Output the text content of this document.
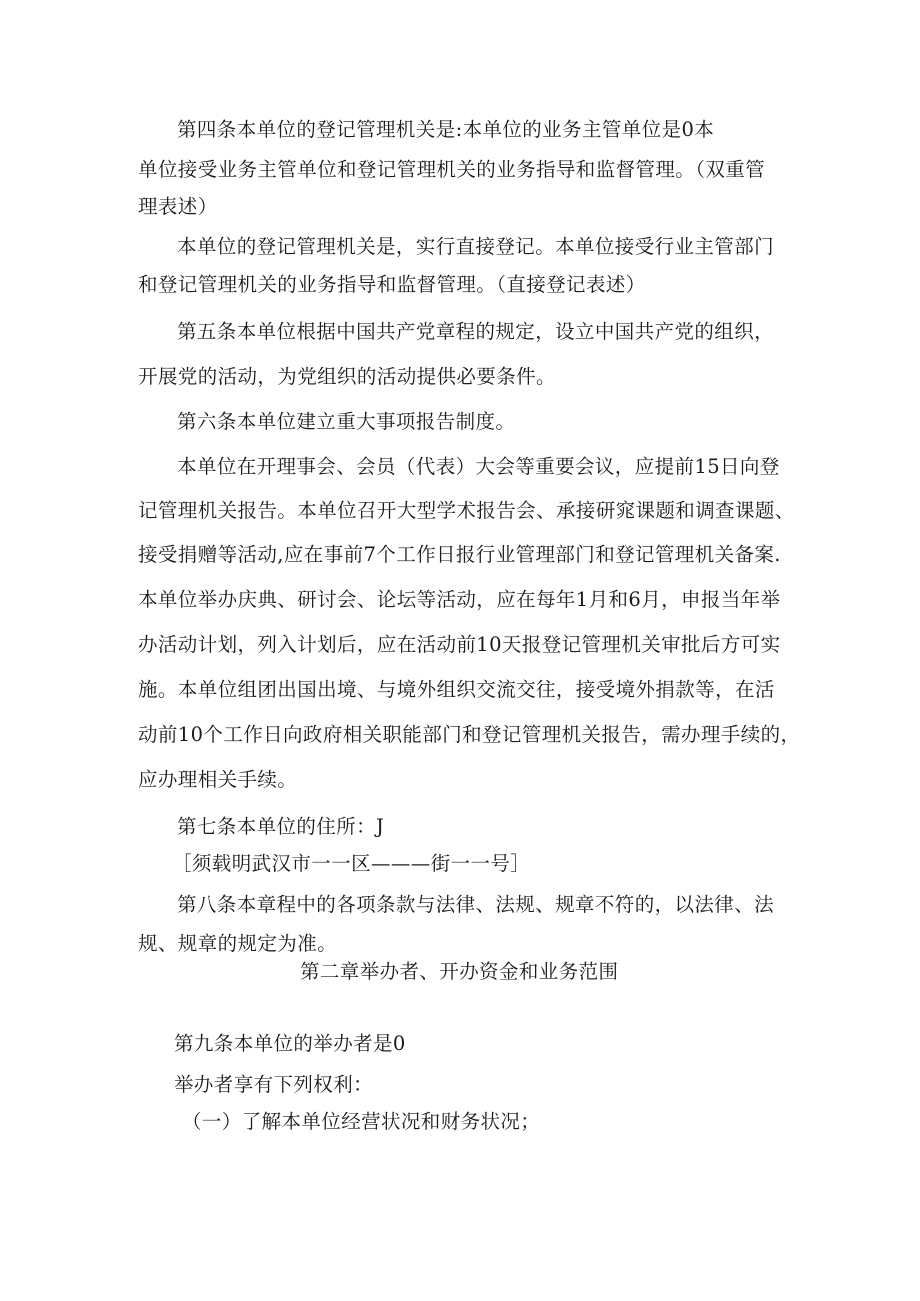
第四条本单位的登记管理机关是:本单位的业务主管单位是0本
单位接受业务主管单位和登记管理机关的业务指导和监督管理。（双重管
理表述）
本单位的登记管理机关是，实行直接登记。本单位接受行业主管部门
和登记管理机关的业务指导和监督管理。（直接登记表述）
第五条本单位根据中国共产党章程的规定，设立中国共产党的组织，
开展党的活动，为党组织的活动提供必要条件。
第六条本单位建立重大事项报告制度。
本单位在开理事会、会员（代表）大会等重要会议，应提前15日向登
记管理机关报告。本单位召开大型学术报告会、承接研窕课题和调查课题、
接受捐赠等活动,应在事前7个工作日报行业管理部门和登记管理机关备案.
本单位举办庆典、研讨会、论坛等活动，应在每年1月和6月，申报当年举
办活动计划，列入计划后，应在活动前10天报登记管理机关审批后方可实
施。本单位组团出国出境、与境外组织交流交往，接受境外捐款等，在活
动前10个工作日向政府相关职能部门和登记管理机关报告，需办理手续的，
应办理相关手续。
第七条本单位的住所：J
［须载明武汉市一一区———街一一号］
第八条本章程中的各项条款与法律、法规、规章不符的，以法律、法
规、规章的规定为准。
第二章举办者、开办资金和业务范围
第九条本单位的举办者是0
举办者享有下列权利：
（一）了解本单位经营状况和财务状况；
